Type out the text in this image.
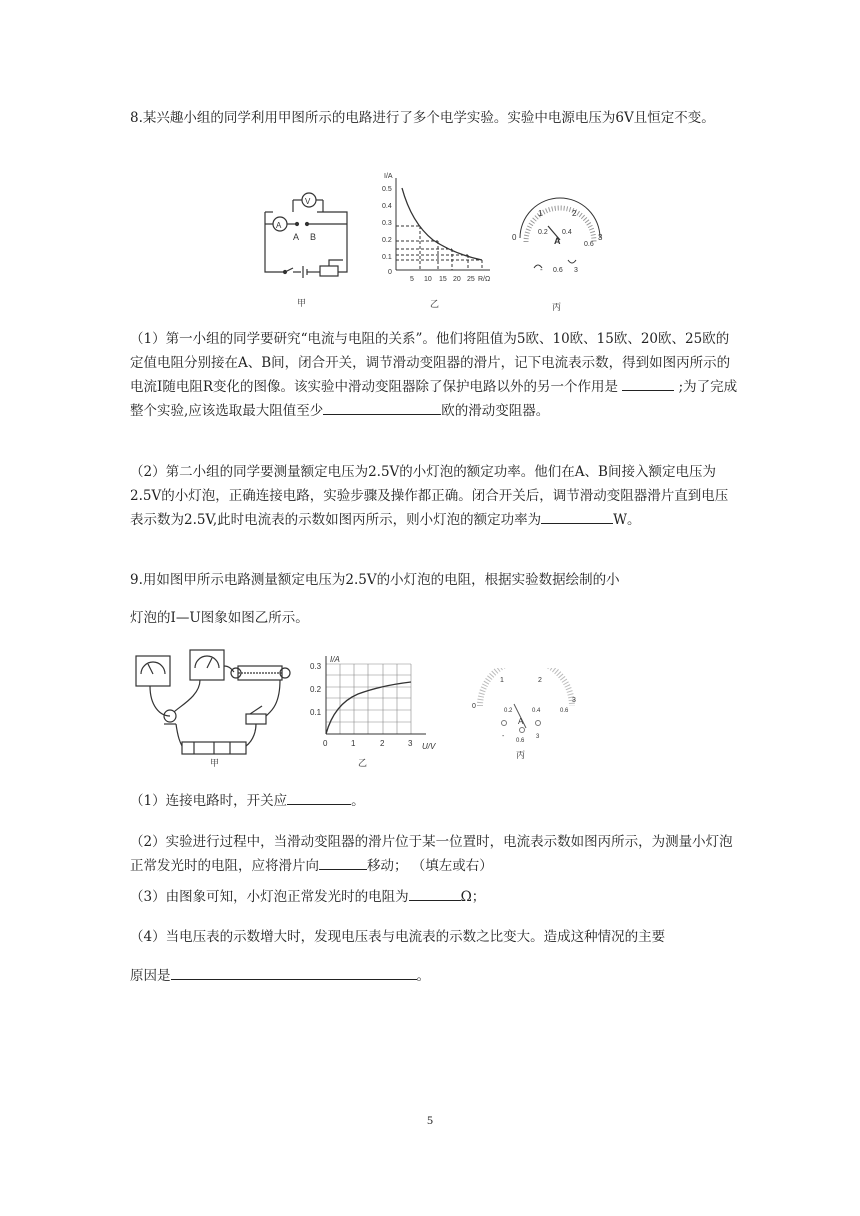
8.某兴趣小组的同学利用甲图所示的电路进行了多个电学实验。实验中电源电压为6V且恒定不变。

A
V
A B
甲
I/A
R/Ω
0.5
0.4
0.3
0.2
0.1
0
5 10 15 20 25
乙
0
1	2
3
0.2 0.4
0.6
A
- 0.6 3
丙

（1）第一小组的同学要研究“电流与电阻的关系”。他们将阻值为5欧、10欧、15欧、20欧、25欧的定值电阻分别接在A、B间，闭合开关，调节滑动变阻器的滑片，记下电流表示数，得到如图丙所示的电流I随电阻R变化的图像。该实验中滑动变阻器除了保护电路以外的另一个作用是	;为了完成整个实验,应该选取最大阻值至少	欧的滑动变阻器。

（2）第二小组的同学要测量额定电压为2.5V的小灯泡的额定功率。他们在A、B间接入额定电压为 2.5V的小灯泡，正确连接电路，实验步骤及操作都正确。闭合开关后，调节滑动变阻器滑片直到电压 表示数为2.5V,此时电流表的示数如图丙所示，则小灯泡的额定功率为	W。

9.用如图甲所示电路测量额定电压为2.5V的小灯泡的电阻，根据实验数据绘制的小

灯泡的I—U图象如图乙所示。

甲
I/A
U/V
0.3
0.2
0.1
0	1	2	3
乙
0
1	2
3
0.2	0.4	0.6
A
-
0.6
3
丙

（1）连接电路时，开关应	。

（2）实验进行过程中，当滑动变阻器的滑片位于某一位置时，电流表示数如图丙所示，为测量小灯泡正常发光时的电阻，应将滑片向	移动； （填左或右）

（3）由图象可知，小灯泡正常发光时的电阻为	Ω；

（4）当电压表的示数增大时，发现电压表与电流表的示数之比变大。造成这种情况的主要

原因是	。

5
